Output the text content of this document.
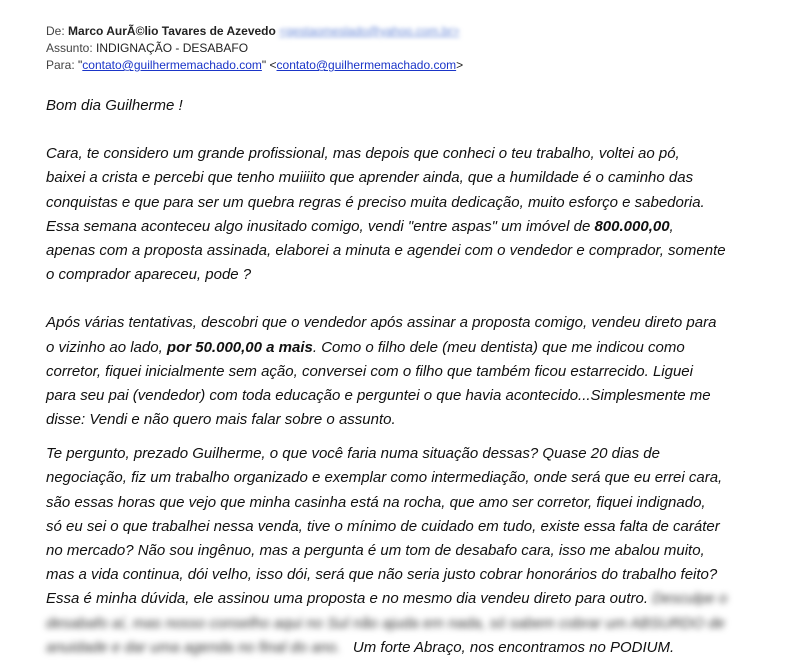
De: Marco AurÃ©lio Tavares de Azevedo <gestaomeslado@yahoo.com.br>
Assunto: INDIGNAÇÃO - DESABAFO
Para: "contato@guilhermemachado.com" <contato@guilhermemachado.com>
Bom dia Guilherme !
Cara, te considero um grande profissional, mas depois que conheci o teu trabalho, voltei ao pó,
baixei a crista e percebi que tenho muiiiito que aprender ainda, que a humildade é o caminho das
conquistas e que para ser um quebra regras é preciso muita dedicação, muito esforço e sabedoria.
Essa semana aconteceu algo inusitado comigo, vendi "entre aspas" um imóvel de 800.000,00,
apenas com a proposta assinada, elaborei a minuta e agendei com o vendedor e comprador, somente
o comprador apareceu, pode ?
Após várias tentativas, descobri que o vendedor após assinar a proposta comigo, vendeu direto para
o vizinho ao lado, por 50.000,00 a mais. Como o filho dele (meu dentista) que me indicou como
corretor, fiquei inicialmente sem ação, conversei com o filho que também ficou estarrecido. Liguei
para seu pai (vendedor) com toda educação e perguntei o que havia acontecido...Simplesmente me
disse: Vendi e não quero mais falar sobre o assunto.
Te pergunto, prezado Guilherme, o que você faria numa situação dessas? Quase 20 dias de
negociação, fiz um trabalho organizado e exemplar como intermediação, onde será que eu errei cara,
são essas horas que vejo que minha casinha está na rocha, que amo ser corretor, fiquei indignado,
só eu sei o que trabalhei nessa venda, tive o mínimo de cuidado em tudo, existe essa falta de caráter
no mercado? Não sou ingênuo, mas a pergunta é um tom de desabafo cara, isso me abalou muito,
mas a vida continua, dói velho, isso dói, será que não seria justo cobrar honorários do trabalho feito?
Essa é minha dúvida, ele assinou uma proposta e no mesmo dia vendeu direto para outro. Desculpe o
desabafo aí, mas nosso conselho aqui no Sul não ajuda em nada, só sabem cobrar um ABSURDO de
anuidade e dar uma agenda no final do ano.   Um forte Abraço, nos encontramos no PODIUM.
